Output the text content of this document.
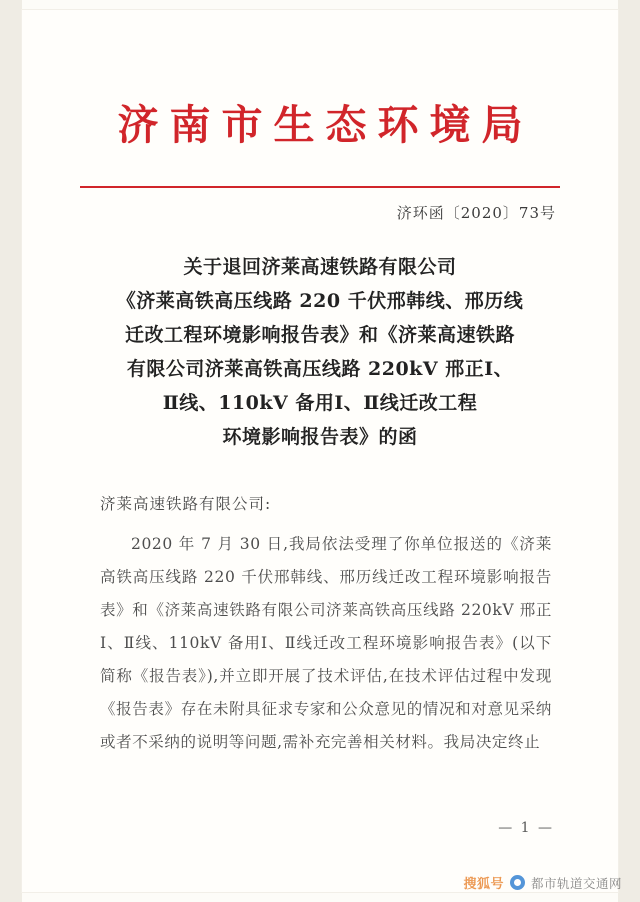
济南市生态环境局
济环函〔2020〕73号
关于退回济莱高速铁路有限公司
《济莱高铁高压线路 220 千伏邢韩线、邢历线
迁改工程环境影响报告表》和《济莱高速铁路
有限公司济莱高铁高压线路 220kV 邢正Ⅰ、
Ⅱ线、110kV 备用Ⅰ、Ⅱ线迁改工程
环境影响报告表》的函
济莱高速铁路有限公司:

2020 年 7 月 30 日,我局依法受理了你单位报送的《济莱高铁高压线路 220 千伏邢韩线、邢历线迁改工程环境影响报告表》和《济莱高速铁路有限公司济莱高铁高压线路 220kV 邢正Ⅰ、Ⅱ线、110kV 备用Ⅰ、Ⅱ线迁改工程环境影响报告表》(以下简称《报告表》),并立即开展了技术评估,在技术评估过程中发现《报告表》存在未附具征求专家和公众意见的情况和对意见采纳或者不采纳的说明等问题,需补充完善相关材料。我局决定终止

— 1 —
搜狐号 都市轨道交通网
